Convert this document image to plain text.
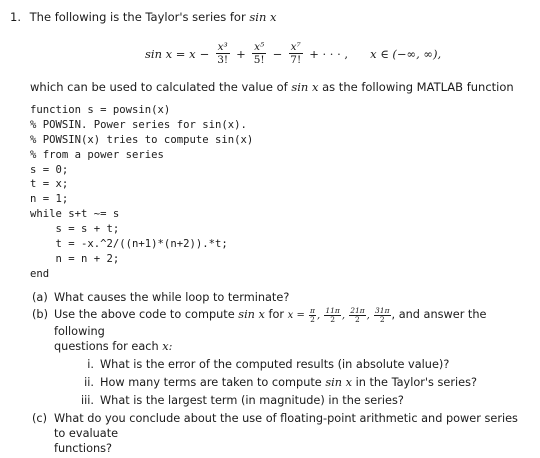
1. The following is the Taylor's series for sin x
$\sin x = x - \frac{\text{x³}}{3!} + \frac{\text{x⁵}}{5!} - \frac{\text{x⁷}}{7!}$ + · · · , x ∈ (−∞, ∞),
which can be used to calculated the value of sin x as the following MATLAB function
function s = powsin(x)
% POWSIN. Power series for sin(x).
% POWSIN(x) tries to compute sin(x)
% from a power series
s = 0;
t = x;
n = 1;
while s+t ~= s
s = s + t;
t = -x.^2/((n+1)*(n+2)).*t;
n = n + 2;
end
(a) What causes the while loop to terminate?
(b) Use the above code to compute sin x for $x = \frac{\pi}{2}$ , $\frac{11\pi}{2}$ , $\frac{21\pi}{2}$ , $\frac{31\pi}{2}$ , and answer the following
questions for each x:
i. What is the error of the computed results (in absolute value)?
ii. How many terms are taken to compute sin x in the Taylor's series?
iii. What is the largest term (in magnitude) in the series?
(c) What do you conclude about the use of floating-point arithmetic and power series to evaluate
functions?
